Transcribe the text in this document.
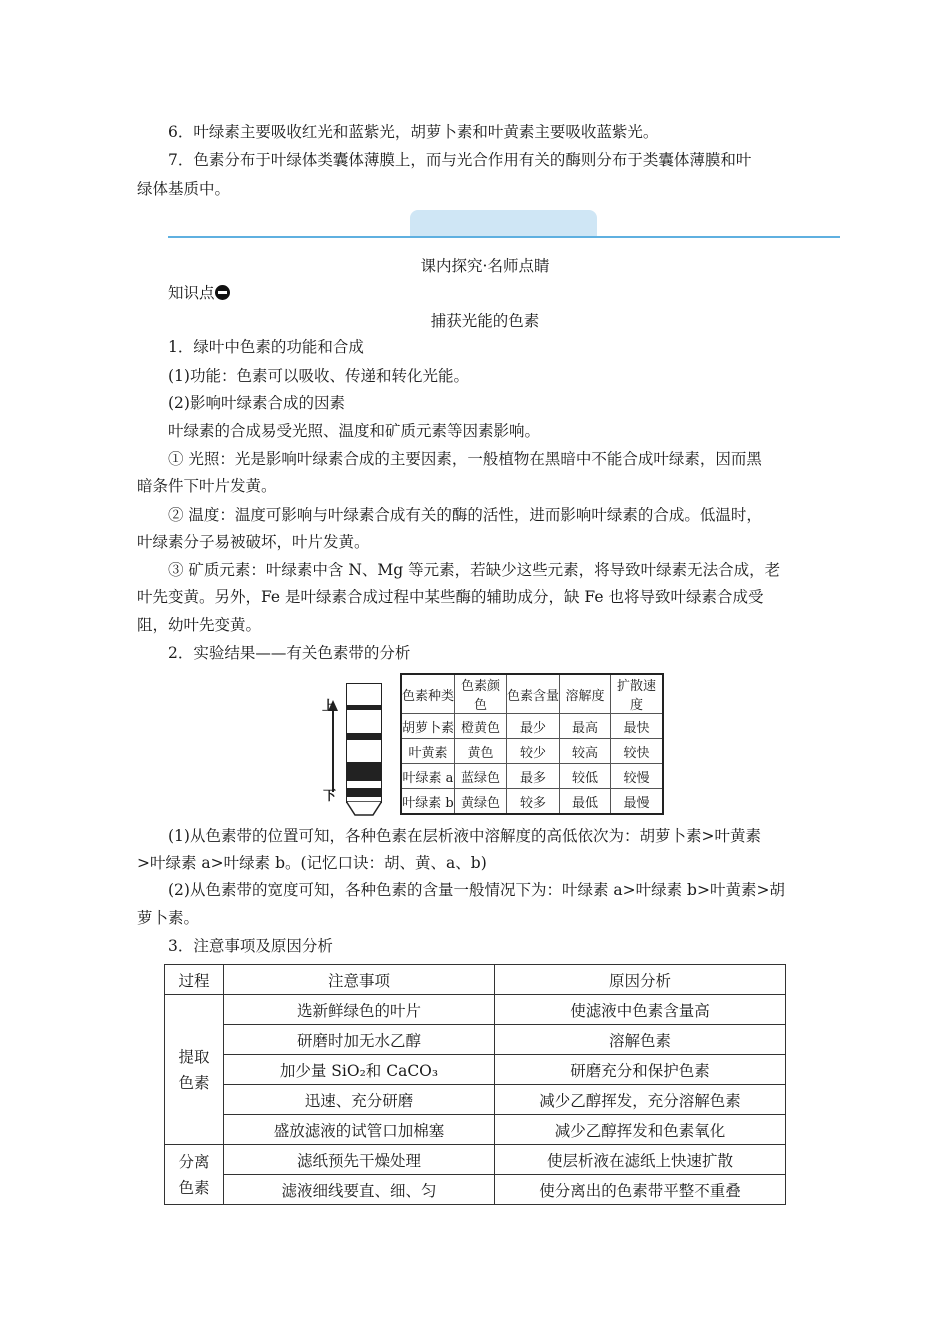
6．叶绿素主要吸收红光和蓝紫光，胡萝卜素和叶黄素主要吸收蓝紫光。
7．色素分布于叶绿体类囊体薄膜上，而与光合作用有关的酶则分布于类囊体薄膜和叶
绿体基质中。
课内探究·名师点睛
知识点
捕获光能的色素
1．绿叶中色素的功能和合成
(1)功能：色素可以吸收、传递和转化光能。
(2)影响叶绿素合成的因素
叶绿素的合成易受光照、温度和矿质元素等因素影响。
① 光照：光是影响叶绿素合成的主要因素，一般植物在黑暗中不能合成叶绿素，因而黑
暗条件下叶片发黄。
② 温度：温度可影响与叶绿素合成有关的酶的活性，进而影响叶绿素的合成。低温时，
叶绿素分子易被破坏，叶片发黄。
③ 矿质元素：叶绿素中含 N、Mg 等元素，若缺少这些元素，将导致叶绿素无法合成，老
叶先变黄。另外，Fe 是叶绿素合成过程中某些酶的辅助成分，缺 Fe 也将导致叶绿素合成受
阻，幼叶先变黄。
2．实验结果——有关色素带的分析
上
下
色素种类	色素颜色	色素含量	溶解度	扩散速度
胡萝卜素	橙黄色	最少	最高	最快
叶黄素	黄色	较少	较高	较快
叶绿素 a	蓝绿色	最多	较低	较慢
叶绿素 b	黄绿色	较多	最低	最慢
(1)从色素带的位置可知，各种色素在层析液中溶解度的高低依次为：胡萝卜素>叶黄素
>叶绿素 a>叶绿素 b。(记忆口诀：胡、黄、a、b)
(2)从色素带的宽度可知，各种色素的含量一般情况下为：叶绿素 a>叶绿素 b>叶黄素>胡
萝卜素。
3．注意事项及原因分析
过程	注意事项	原因分析
提取色素	选新鲜绿色的叶片	使滤液中色素含量高
	研磨时加无水乙醇	溶解色素
	加少量 SiO₂和 CaCO₃	研磨充分和保护色素
	迅速、充分研磨	减少乙醇挥发，充分溶解色素
	盛放滤液的试管口加棉塞	减少乙醇挥发和色素氧化
分离色素	滤纸预先干燥处理	使层析液在滤纸上快速扩散
	滤液细线要直、细、匀	使分离出的色素带平整不重叠
